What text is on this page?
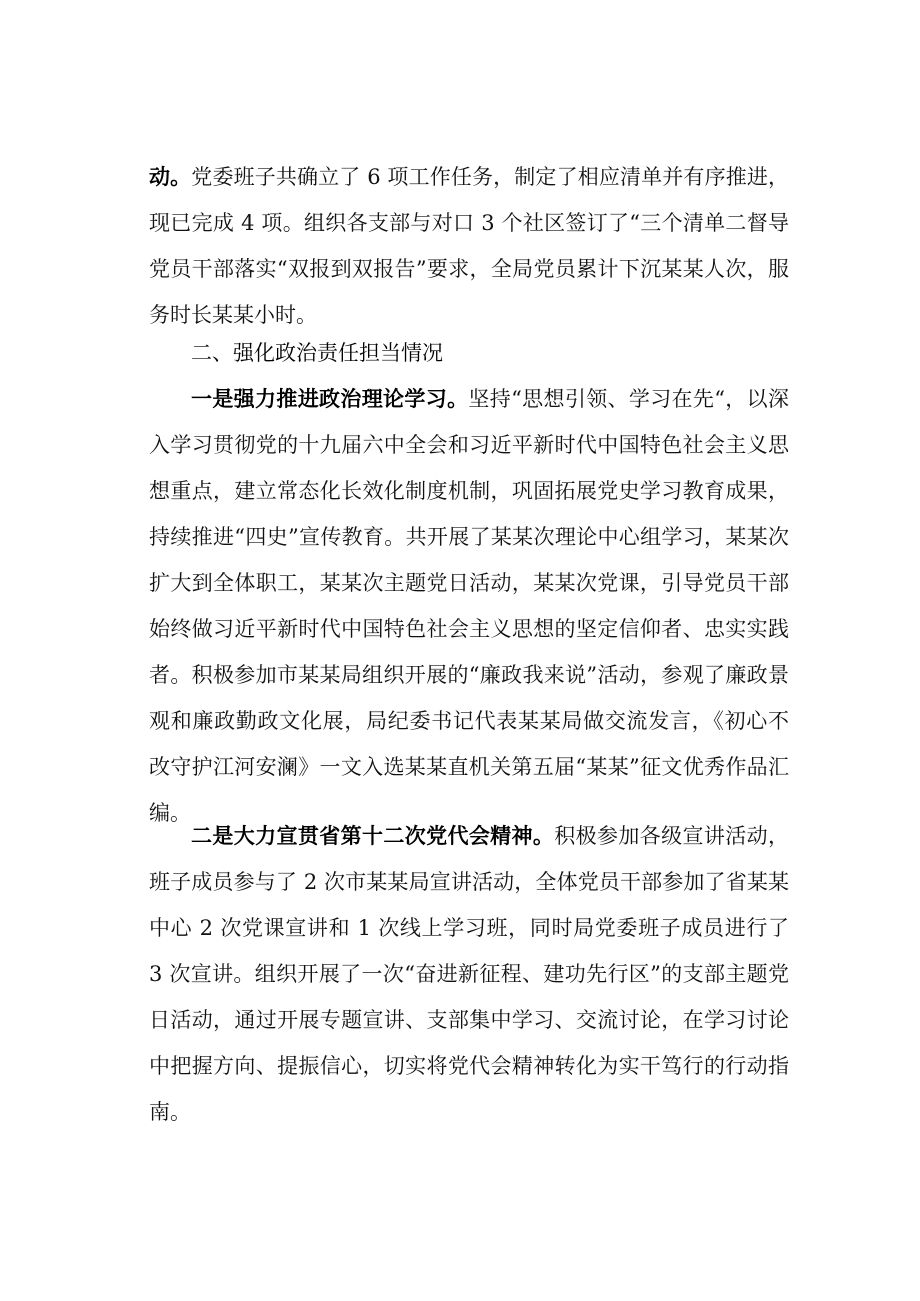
动。党委班子共确立了 6 项工作任务，制定了相应清单并有序推进，现已完成 4 项。组织各支部与对口 3 个社区签订了“三个清单二督导党员干部落实“双报到双报告”要求，全局党员累计下沉某某人次，服务时长某某小时。

二、强化政治责任担当情况

一是强力推进政治理论学习。坚持“思想引领、学习在先“，以深入学习贯彻党的十九届六中全会和习近平新时代中国特色社会主义思想重点，建立常态化长效化制度机制，巩固拓展党史学习教育成果，持续推进“四史”宣传教育。共开展了某某次理论中心组学习，某某次扩大到全体职工，某某次主题党日活动，某某次党课，引导党员干部始终做习近平新时代中国特色社会主义思想的坚定信仰者、忠实实践者。积极参加市某某局组织开展的“廉政我来说”活动，参观了廉政景观和廉政勤政文化展，局纪委书记代表某某局做交流发言，《初心不改守护江河安澜》一文入选某某直机关第五届“某某”征文优秀作品汇编。

二是大力宣贯省第十二次党代会精神。积极参加各级宣讲活动，班子成员参与了 2 次市某某局宣讲活动，全体党员干部参加了省某某中心 2 次党课宣讲和 1 次线上学习班，同时局党委班子成员进行了 3 次宣讲。组织开展了一次“奋进新征程、建功先行区”的支部主题党日活动，通过开展专题宣讲、支部集中学习、交流讨论，在学习讨论中把握方向、提振信心，切实将党代会精神转化为实干笃行的行动指南。
